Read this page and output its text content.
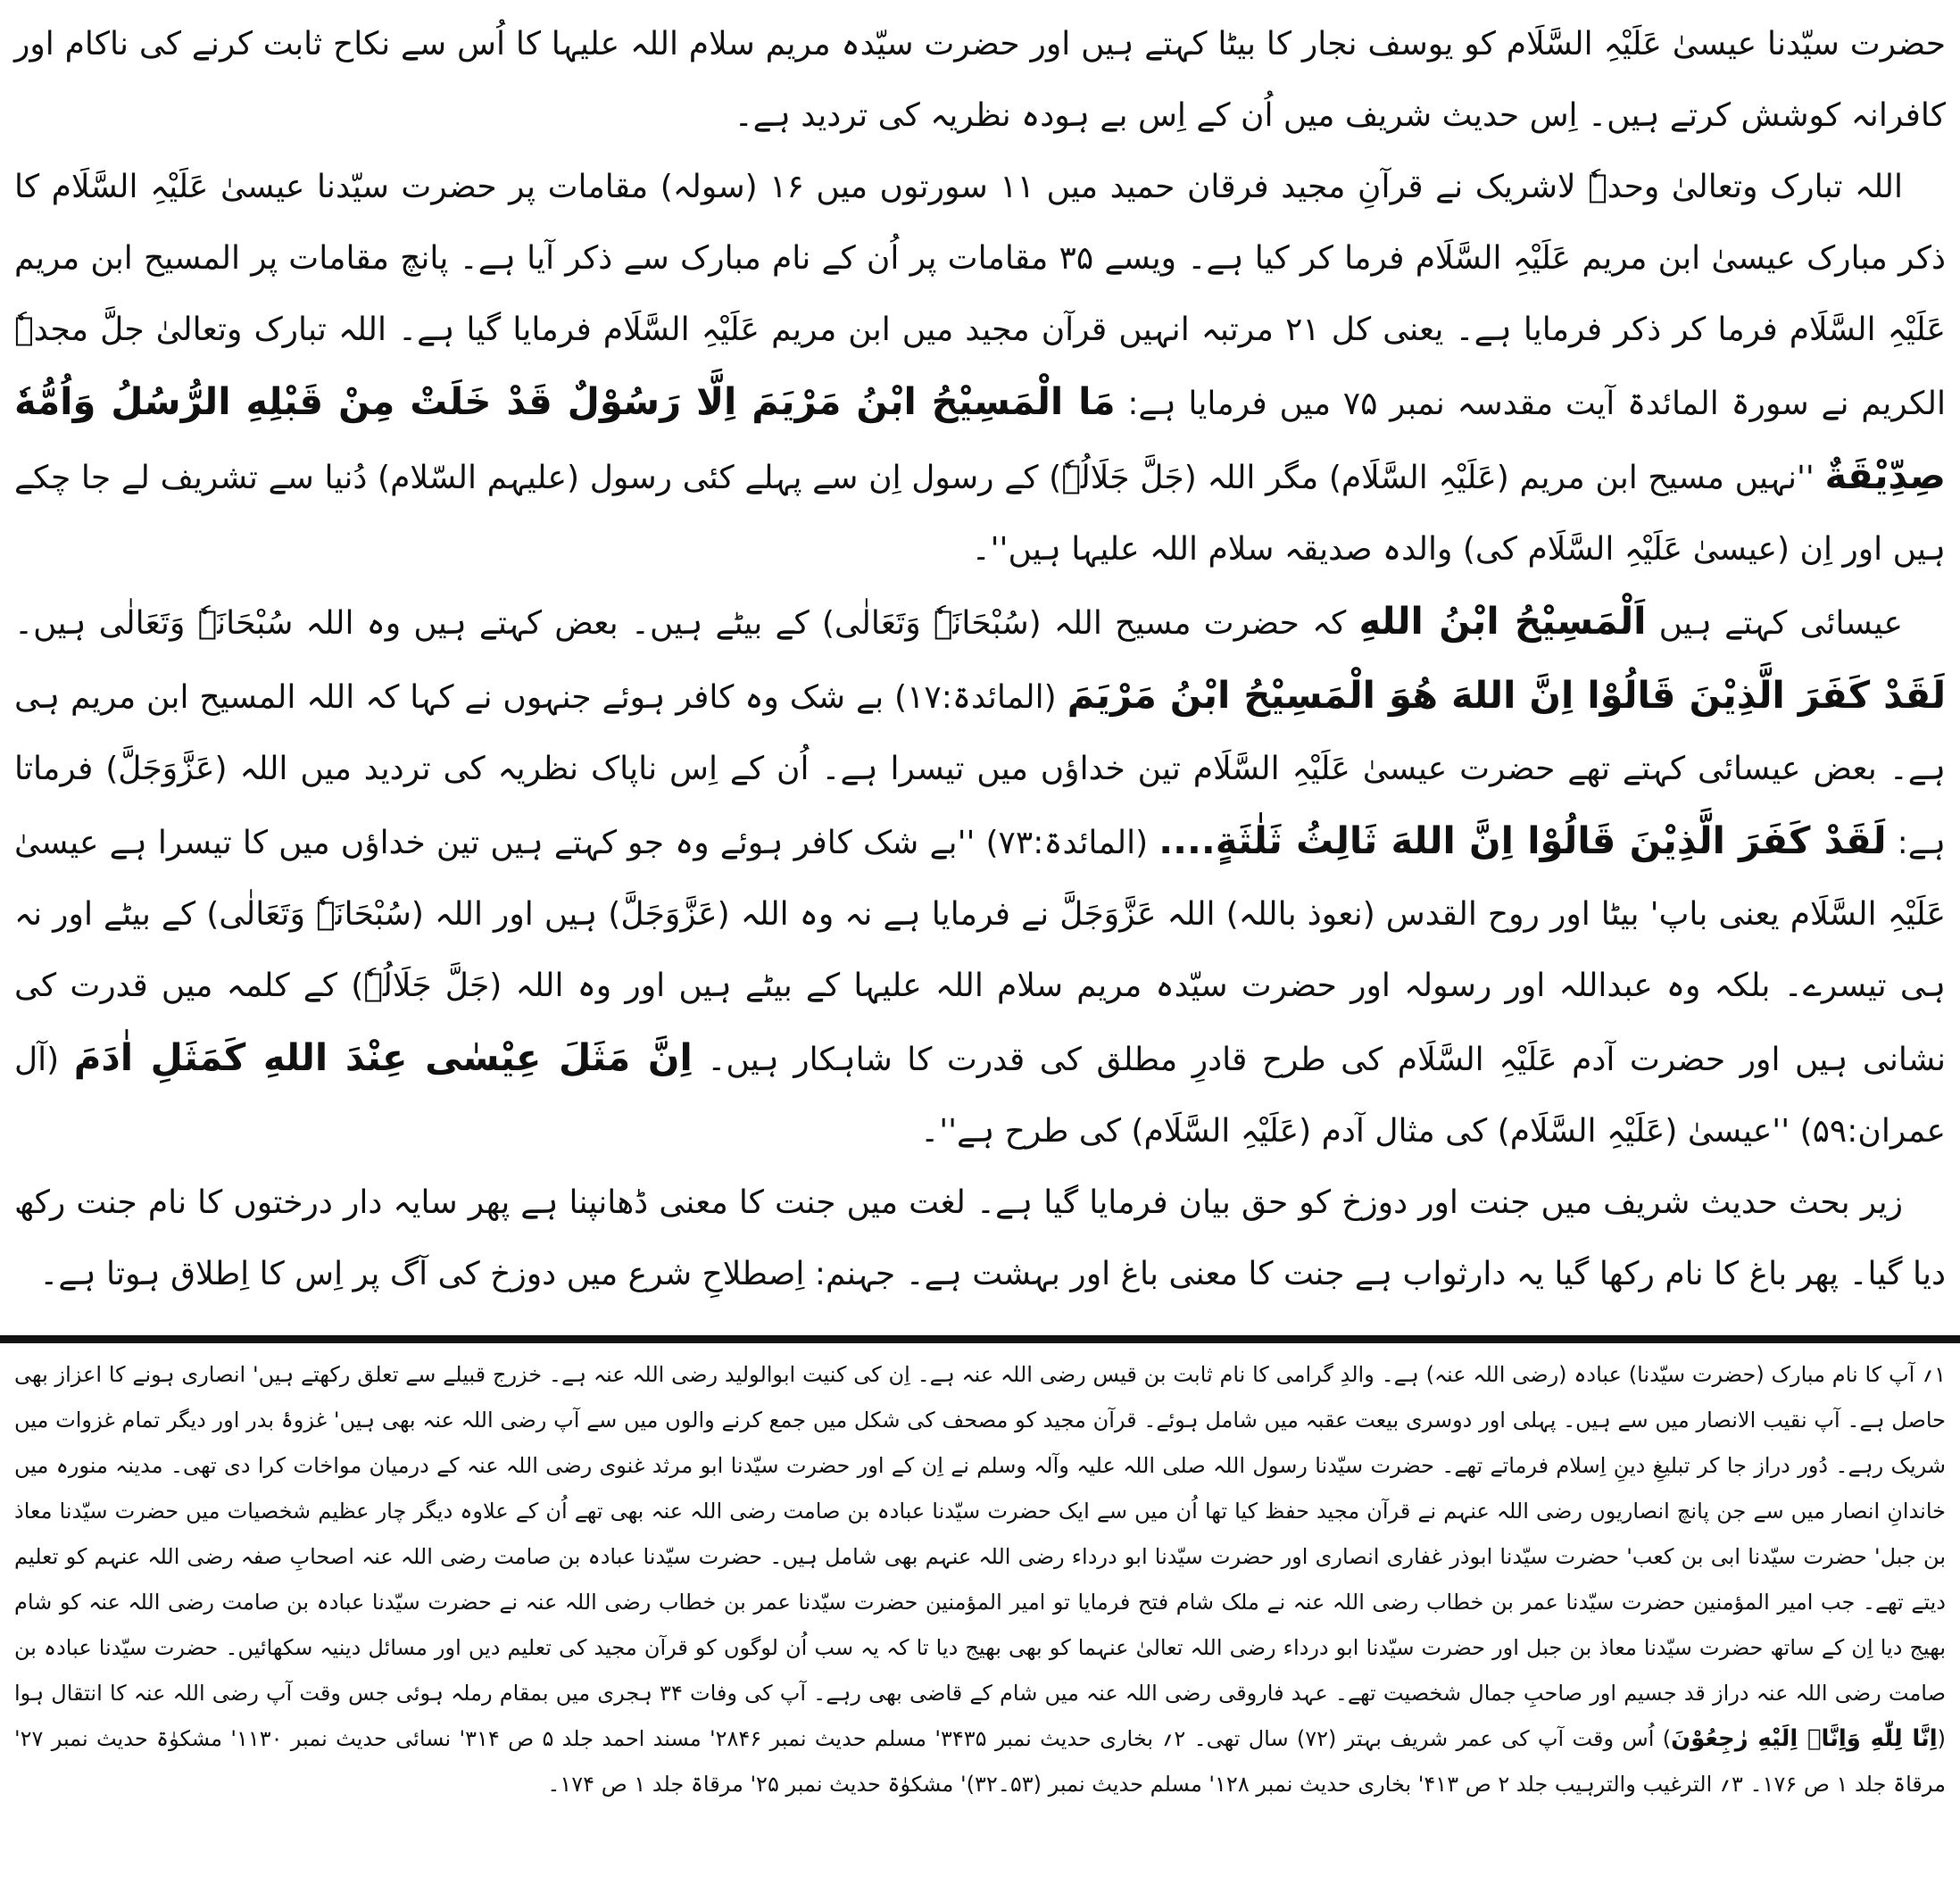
حضرت سیّدنا عیسیٰ عَلَیْہِ السَّلَام کو یوسف نجار کا بیٹا کہتے ہیں اور حضرت سیّدہ مریم سلام اللہ علیہا کا اُس سے نکاح ثابت کرنے کی ناکام اور کافرانہ کوشش کرتے ہیں۔ اِس حدیث شریف میں اُن کے اِس بے ہودہ نظریہ کی تردید ہے۔

اللہ تبارک وتعالیٰ وحدہٗ لاشریک نے قرآنِ مجید فرقان حمید میں ۱۱ سورتوں میں ۱۶ (سولہ) مقامات پر حضرت سیّدنا عیسیٰ عَلَیْہِ السَّلَام کا ذکر مبارک عیسیٰ ابن مریم عَلَیْہِ السَّلَام فرما کر کیا ہے۔ ویسے ۳۵ مقامات پر اُن کے نام مبارک سے ذکر آیا ہے۔ پانچ مقامات پر المسیح ابن مریم عَلَیْہِ السَّلَام فرما کر ذکر فرمایا ہے۔ یعنی کل ۲۱ مرتبہ انہیں قرآن مجید میں ابن مریم عَلَیْہِ السَّلَام فرمایا گیا ہے۔ اللہ تبارک وتعالیٰ جلَّ مجدہٗ الکریم نے سورۃ المائدۃ آیت مقدسہ نمبر ۷۵ میں فرمایا ہے: مَا الْمَسِيْحُ ابْنُ مَرْيَمَ اِلَّا رَسُوْلٌ قَدْ خَلَتْ مِنْ قَبْلِهِ الرُّسُلُ وَاُمُّهٗ صِدِّيْقَةٌ ''نہیں مسیح ابن مریم (عَلَیْہِ السَّلَام) مگر اللہ (جَلَّ جَلَالُہٗ) کے رسول اِن سے پہلے کئی رسول (علیہم السّلام) دُنیا سے تشریف لے جا چکے ہیں اور اِن (عیسیٰ عَلَیْہِ السَّلَام کی) والدہ صدیقہ سلام اللہ علیہا ہیں''۔

عیسائی کہتے ہیں اَلْمَسِيْحُ ابْنُ اللهِ کہ حضرت مسیح اللہ (سُبْحَانَہٗ وَتَعَالٰی) کے بیٹے ہیں۔ بعض کہتے ہیں وہ اللہ سُبْحَانَہٗ وَتَعَالٰی ہیں۔ لَقَدْ كَفَرَ الَّذِيْنَ قَالُوْا اِنَّ اللهَ هُوَ الْمَسِيْحُ ابْنُ مَرْيَمَ (المائدۃ:۱۷) بے شک وہ کافر ہوئے جنہوں نے کہا کہ اللہ المسیح ابن مریم ہی ہے۔ بعض عیسائی کہتے تھے حضرت عیسیٰ عَلَیْہِ السَّلَام تین خداؤں میں تیسرا ہے۔ اُن کے اِس ناپاک نظریہ کی تردید میں اللہ (عَزَّوَجَلَّ) فرماتا ہے: لَقَدْ كَفَرَ الَّذِيْنَ قَالُوْا اِنَّ اللهَ ثَالِثُ ثَلٰثَةٍ.... (المائدۃ:۷۳) ''بے شک کافر ہوئے وہ جو کہتے ہیں تین خداؤں میں کا تیسرا ہے عیسیٰ عَلَیْہِ السَّلَام یعنی باپ' بیٹا اور روح القدس (نعوذ باللہ) اللہ عَزَّوَجَلَّ نے فرمایا ہے نہ وہ اللہ (عَزَّوَجَلَّ) ہیں اور اللہ (سُبْحَانَہٗ وَتَعَالٰی) کے بیٹے اور نہ ہی تیسرے۔ بلکہ وہ عبداللہ اور رسولہ اور حضرت سیّدہ مریم سلام اللہ علیہا کے بیٹے ہیں اور وہ اللہ (جَلَّ جَلَالُہٗ) کے کلمہ میں قدرت کی نشانی ہیں اور حضرت آدم عَلَیْہِ السَّلَام کی طرح قادرِ مطلق کی قدرت کا شاہکار ہیں۔ اِنَّ مَثَلَ عِيْسٰى عِنْدَ اللهِ كَمَثَلِ اٰدَمَ (آل عمران:۵۹) ''عیسیٰ (عَلَیْہِ السَّلَام) کی مثال آدم (عَلَیْہِ السَّلَام) کی طرح ہے''۔

زیر بحث حدیث شریف میں جنت اور دوزخ کو حق بیان فرمایا گیا ہے۔ لغت میں جنت کا معنی ڈھانپنا ہے پھر سایہ دار درختوں کا نام جنت رکھ دیا گیا۔ پھر باغ کا نام رکھا گیا یہ دارثواب ہے جنت کا معنی باغ اور بہشت ہے۔ جہنم: اِصطلاحِ شرع میں دوزخ کی آگ پر اِس کا اِطلاق ہوتا ہے۔

۱؍ آپ کا نام مبارک (حضرت سیّدنا) عبادہ (رضی اللہ عنہ) ہے۔ والدِ گرامی کا نام ثابت بن قیس رضی اللہ عنہ ہے۔ اِن کی کنیت ابوالولید رضی اللہ عنہ ہے۔ خزرج قبیلے سے تعلق رکھتے ہیں' انصاری ہونے کا اعزاز بھی حاصل ہے۔ آپ نقیب الانصار میں سے ہیں۔ پہلی اور دوسری بیعت عقبہ میں شامل ہوئے۔ قرآن مجید کو مصحف کی شکل میں جمع کرنے والوں میں سے آپ رضی اللہ عنہ بھی ہیں' غزوۂ بدر اور دیگر تمام غزوات میں شریک رہے۔ دُور دراز جا کر تبلیغِ دینِ اِسلام فرماتے تھے۔ حضرت سیّدنا رسول اللہ صلی اللہ علیہ وآلہ وسلم نے اِن کے اور حضرت سیّدنا ابو مرثد غنوی رضی اللہ عنہ کے درمیان مواخات کرا دی تھی۔ مدینہ منورہ میں خاندانِ انصار میں سے جن پانچ انصاریوں رضی اللہ عنہم نے قرآن مجید حفظ کیا تھا اُن میں سے ایک حضرت سیّدنا عبادہ بن صامت رضی اللہ عنہ بھی تھے اُن کے علاوہ دیگر چار عظیم شخصیات میں حضرت سیّدنا معاذ بن جبل' حضرت سیّدنا ابی بن کعب' حضرت سیّدنا ابوذر غفاری انصاری اور حضرت سیّدنا ابو درداء رضی اللہ عنہم بھی شامل ہیں۔ حضرت سیّدنا عبادہ بن صامت رضی اللہ عنہ اصحابِ صفہ رضی اللہ عنہم کو تعلیم دیتے تھے۔ جب امیر المؤمنین حضرت سیّدنا عمر بن خطاب رضی اللہ عنہ نے ملک شام فتح فرمایا تو امیر المؤمنین حضرت سیّدنا عمر بن خطاب رضی اللہ عنہ نے حضرت سیّدنا عبادہ بن صامت رضی اللہ عنہ کو شام بھیج دیا اِن کے ساتھ حضرت سیّدنا معاذ بن جبل اور حضرت سیّدنا ابو درداء رضی اللہ تعالیٰ عنہما کو بھی بھیج دیا تا کہ یہ سب اُن لوگوں کو قرآن مجید کی تعلیم دیں اور مسائل دینیہ سکھائیں۔ حضرت سیّدنا عبادہ بن صامت رضی اللہ عنہ دراز قد جسیم اور صاحبِ جمال شخصیت تھے۔ عہد فاروقی رضی اللہ عنہ میں شام کے قاضی بھی رہے۔ آپ کی وفات ۳۴ ہجری میں بمقام رملہ ہوئی جس وقت آپ رضی اللہ عنہ کا انتقال ہوا (اِنَّا لِلّٰهِ وَاِنَّاۤ اِلَيْهِ رٰجِعُوْنَ) اُس وقت آپ کی عمر شریف بہتر (۷۲) سال تھی۔ ۲؍ بخاری حدیث نمبر ۳۴۳۵' مسلم حدیث نمبر ۲۸۴۶' مسند احمد جلد ۵ ص ۳۱۴' نسائی حدیث نمبر ۱۱۳۰' مشکوٰۃ حدیث نمبر ۲۷' مرقاۃ جلد ۱ ص ۱۷۶۔ ۳؍ الترغیب والترہیب جلد ۲ ص ۴۱۳' بخاری حدیث نمبر ۱۲۸' مسلم حدیث نمبر (۵۳۔۳۲)' مشکوٰۃ حدیث نمبر ۲۵' مرقاۃ جلد ۱ ص ۱۷۴۔
